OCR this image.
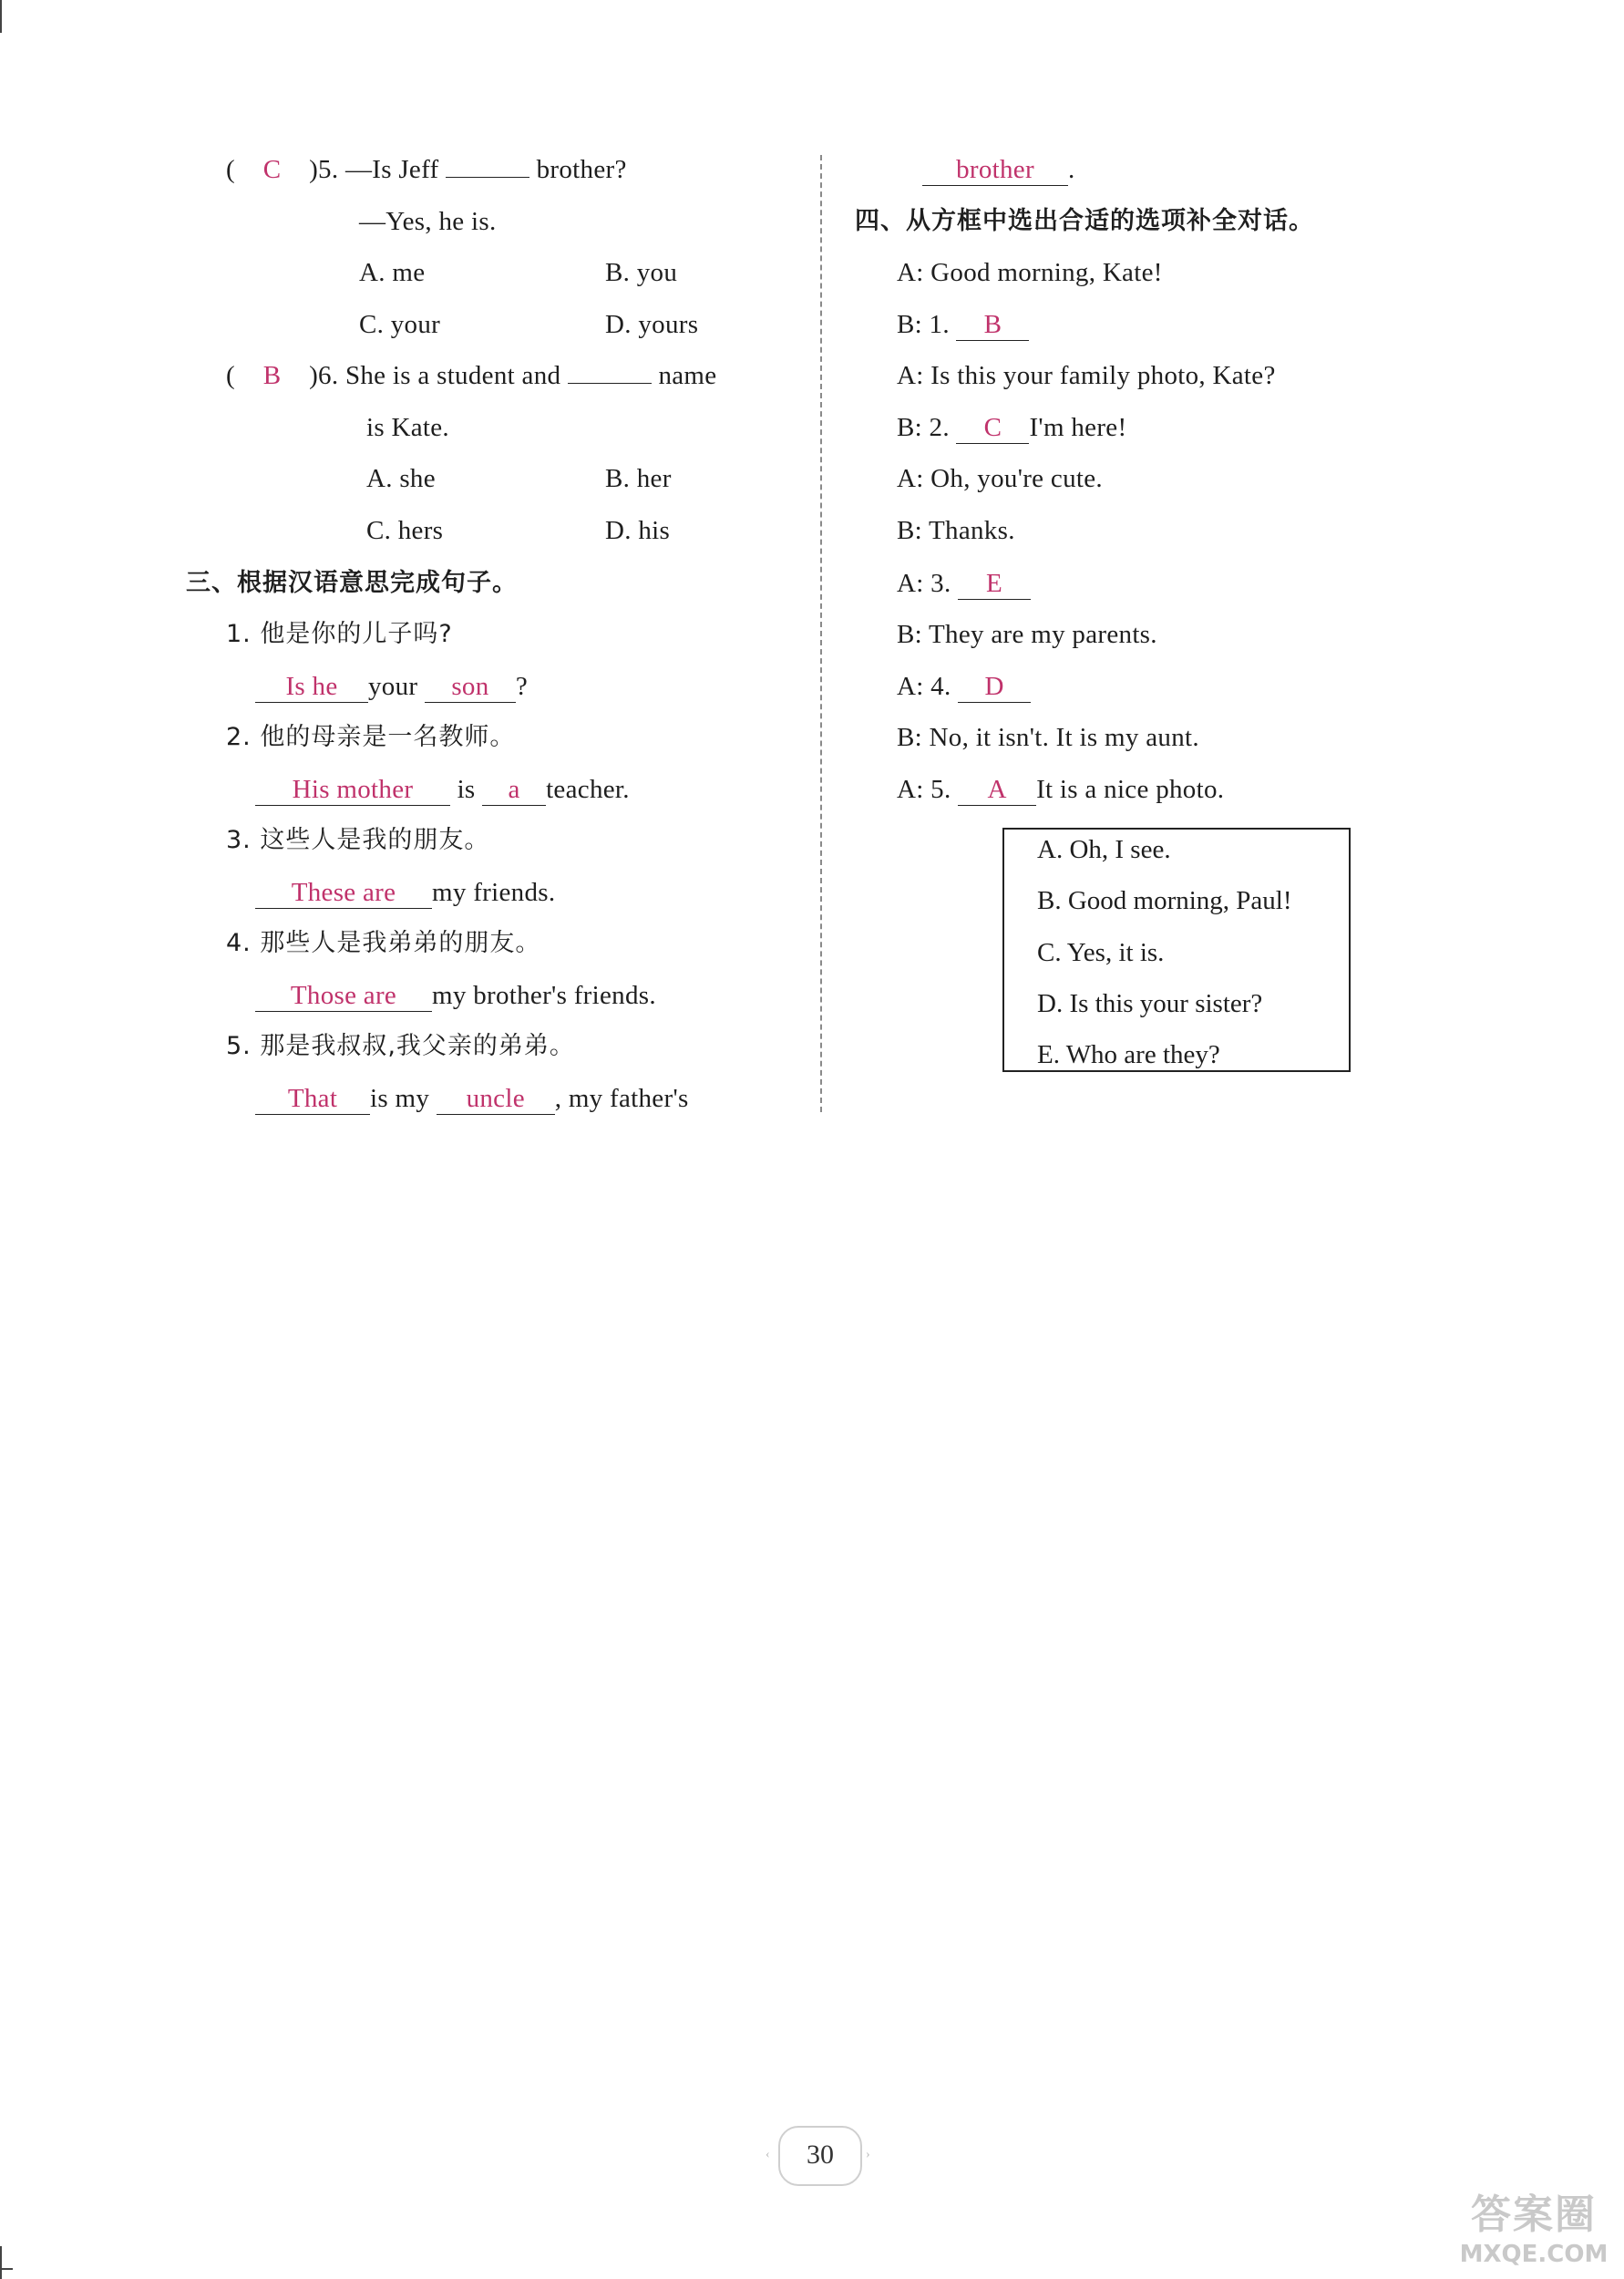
( C )5. —Is Jeff	brother?
—Yes, he is.
A. me	B. you
C. your	D. yours
( B )6. She is a student and	name
is Kate.
A. she	B. her
C. hers	D. his
三、根据汉语意思完成句子。
1. 他是你的儿子吗?
Is he your son ?
2. 他的母亲是一名教师。
His mother is a teacher.
3. 这些人是我的朋友。
These are my friends.
4. 那些人是我弟弟的朋友。
Those are my brother's friends.
5. 那是我叔叔,我父亲的弟弟。
That is my uncle , my father's
brother .
四、从方框中选出合适的选项补全对话。
A: Good morning, Kate!
B: 1. B
A: Is this your family photo, Kate?
B: 2. C I'm here!
A: Oh, you're cute.
B: Thanks.
A: 3. E
B: They are my parents.
A: 4. D
B: No, it isn't. It is my aunt.
A: 5. A It is a nice photo.
A. Oh, I see.
B. Good morning, Paul!
C. Yes, it is.
D. Is this your sister?
E. Who are they?
‹	30	›
答案圈
MXQE.COM
